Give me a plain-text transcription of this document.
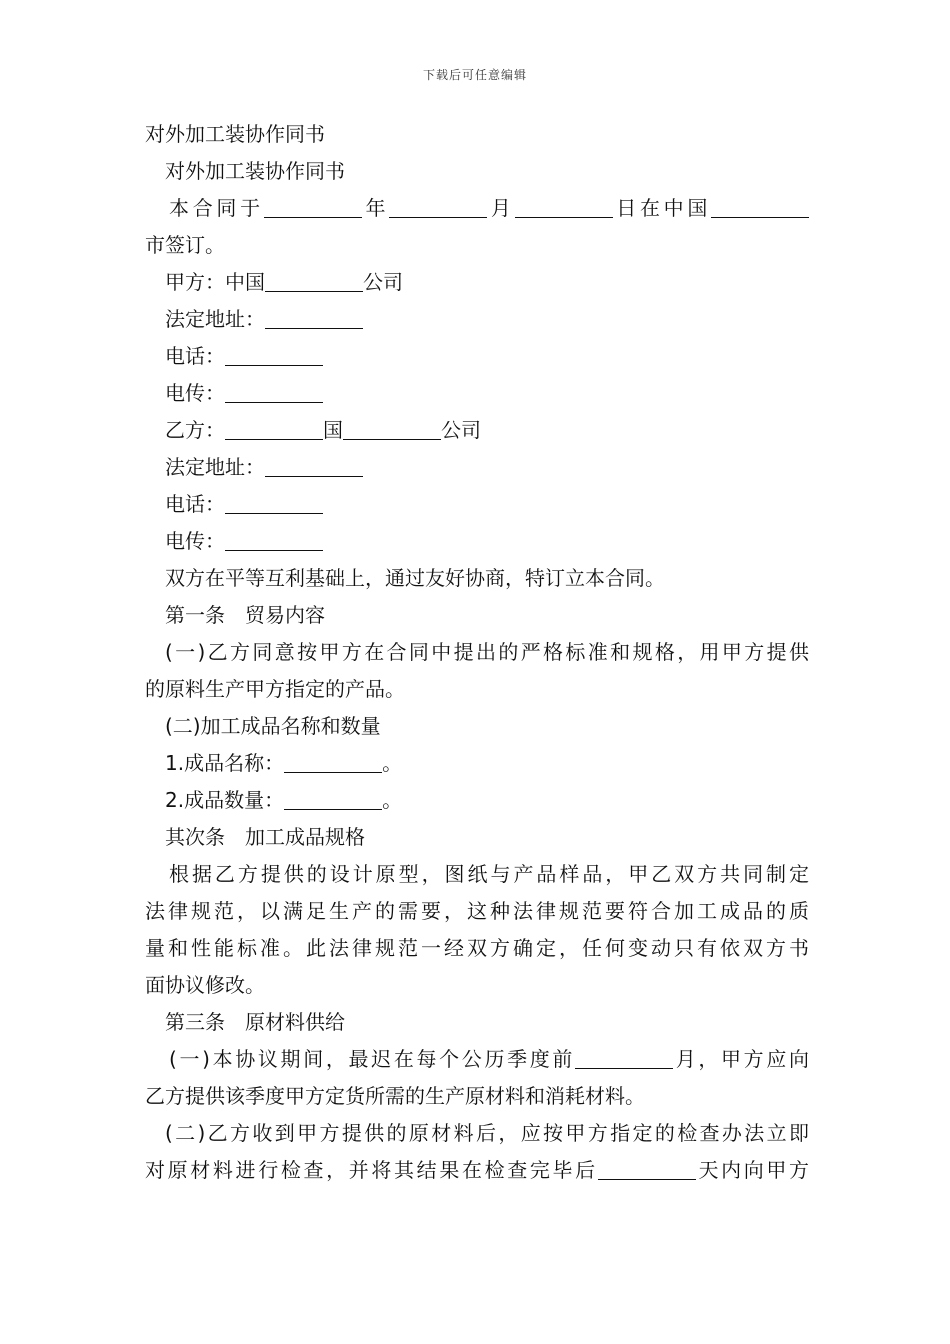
下载后可任意编辑
对外加工装协作同书
对外加工装协作同书
本合同于	年	月	日在中国
市签订。
甲方：中国	公司
法定地址：
电话：
电传：
乙方：	国	公司
法定地址：
电话：
电传：
双方在平等互利基础上，通过友好协商，特订立本合同。
第一条　贸易内容
(一)乙方同意按甲方在合同中提出的严格标准和规格，用甲方提供
的原料生产甲方指定的产品。
(二)加工成品名称和数量
1.成品名称：	。
2.成品数量：	。
其次条　加工成品规格
根据乙方提供的设计原型，图纸与产品样品，甲乙双方共同制定
法律规范，以满足生产的需要，这种法律规范要符合加工成品的质
量和性能标准。此法律规范一经双方确定，任何变动只有依双方书
面协议修改。
第三条　原材料供给
(一)本协议期间，最迟在每个公历季度前	月，甲方应向
乙方提供该季度甲方定货所需的生产原材料和消耗材料。
(二)乙方收到甲方提供的原材料后，应按甲方指定的检查办法立即
对原材料进行检查，并将其结果在检查完毕后	天内向甲方
